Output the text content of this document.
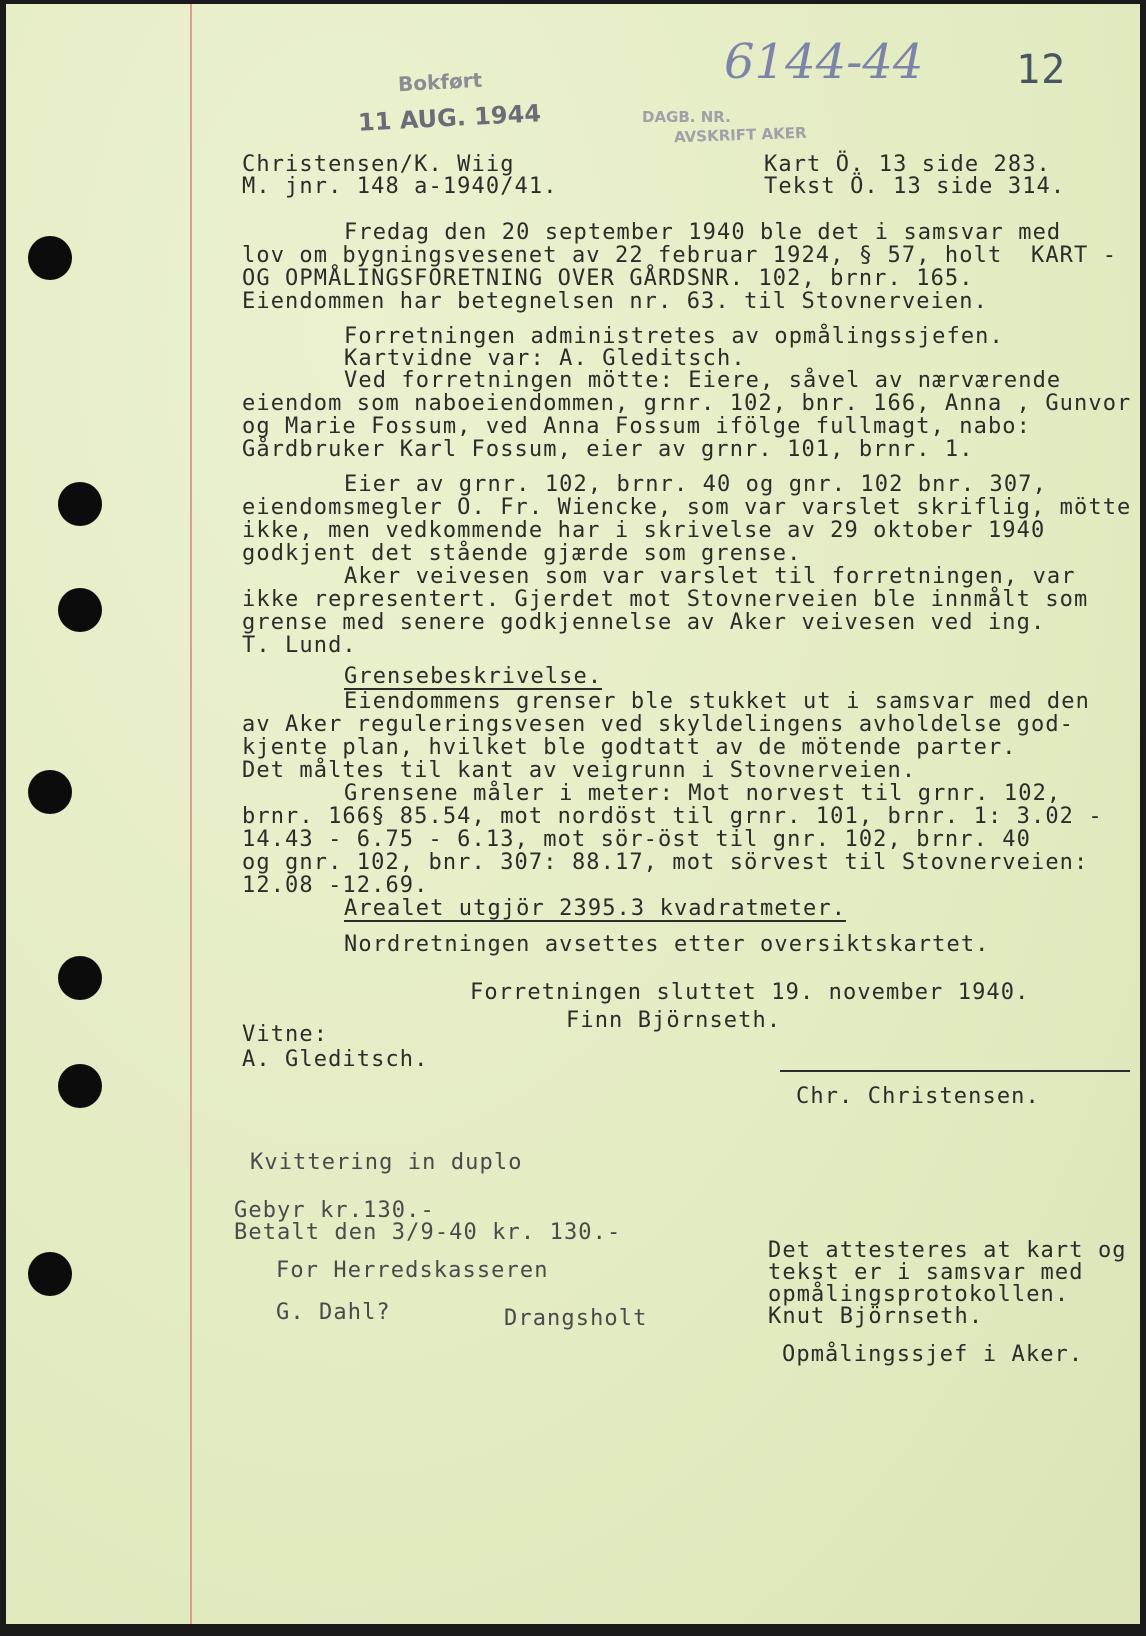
12
Bokført
11 AUG. 1944	DAGB. NR.
6144-44
AVSKRIFT AKER
Christensen/K. Wiig
M. jnr. 148 a-1940/41.
Kart Ö. 13 side 283.
Tekst Ö. 13 side 314.
Fredag den 20 september 1940 ble det i samsvar med
lov om bygningsvesenet av 22 februar 1924, § 57, holt  KART -
OG OPMÅLINGSFORETNING OVER GÅRDSNR. 102, brnr. 165.
Eiendommen har betegnelsen nr. 63. til Stovnerveien.
Forretningen administretes av opmålingssjefen.
Kartvidne var: A. Gleditsch.
Ved forretningen mötte: Eiere, såvel av nærværende
eiendom som naboeiendommen, grnr. 102, bnr. 166, Anna , Gunvor
og Marie Fossum, ved Anna Fossum ifölge fullmagt, nabo:
Gårdbruker Karl Fossum, eier av grnr. 101, brnr. 1.
Eier av grnr. 102, brnr. 40 og gnr. 102 bnr. 307,
eiendomsmegler O. Fr. Wiencke, som var varslet skriflig, mötte
ikke, men vedkommende har i skrivelse av 29 oktober 1940
godkjent det stående gjærde som grense.
Aker veivesen som var varslet til forretningen, var
ikke representert. Gjerdet mot Stovnerveien ble innmålt som
grense med senere godkjennelse av Aker veivesen ved ing.
T. Lund.
Grensebeskrivelse.
Eiendommens grenser ble stukket ut i samsvar med den
av Aker reguleringsvesen ved skyldelingens avholdelse god-
kjente plan, hvilket ble godtatt av de mötende parter.
Det måltes til kant av veigrunn i Stovnerveien.
Grensene måler i meter: Mot norvest til grnr. 102,
brnr. 166§ 85.54, mot nordöst til grnr. 101, brnr. 1: 3.02 -
14.43 - 6.75 - 6.13, mot sör-öst til gnr. 102, brnr. 40
og gnr. 102, bnr. 307: 88.17, mot sörvest til Stovnerveien:
12.08 -12.69.
Arealet utgjör 2395.3 kvadratmeter.
Nordretningen avsettes etter oversiktskartet.
Forretningen sluttet 19. november 1940.
Finn Björnseth.
Vitne:
A. Gleditsch.
Chr. Christensen.
Kvittering in duplo
Gebyr kr.130.-
Betalt den 3/9-40 kr. 130.-
For Herredskasseren
G. Dahl?	Drangsholt
Det attesteres at kart og
tekst er i samsvar med
opmålingsprotokollen.
Knut Björnseth.
Opmålingssjef i Aker.
